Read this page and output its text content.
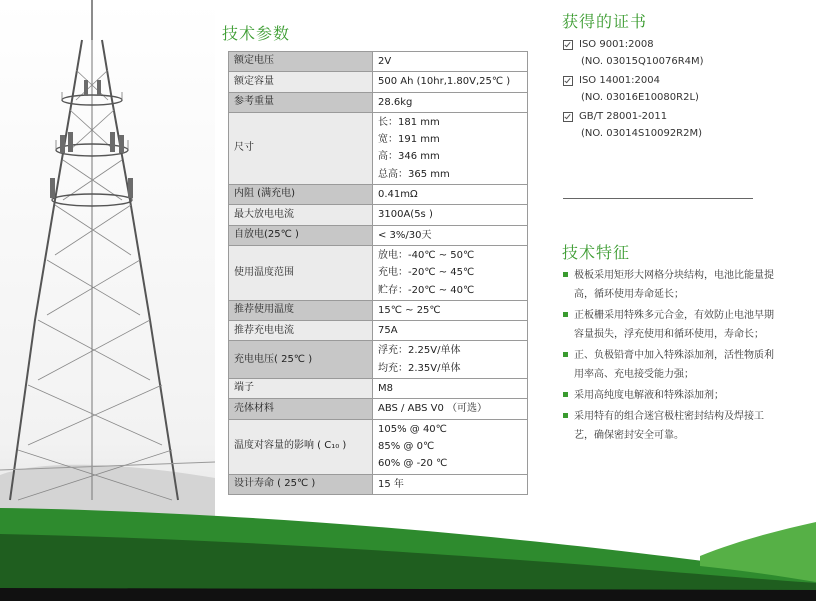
技术参数
额定电压	2V

额定容量	500 Ah (10hr,1.80V,25℃ )

参考重量	28.6kg

尺寸	长：181 mm
宽：191 mm
高：346 mm
总高：365 mm

内阻 (满充电)	0.41mΩ

最大放电电流	3100A(5s )

自放电(25℃ )	< 3%/30天

使用温度范围	放电：-40℃ ~ 50℃
充电：-20℃ ~ 45℃
贮存：-20℃ ~ 40℃

推荐使用温度	15℃ ~ 25℃

推荐充电电流	75A

充电电压( 25℃ )	浮充：2.25V/单体
均充：2.35V/单体

端子	M8

壳体材料	ABS / ABS V0 （可选）

温度对容量的影响 ( C₁₀ )	105% @ 40℃
85% @ 0℃
60% @ -20 ℃

设计寿命 ( 25℃ )	15 年
获得的证书
ISO 9001:2008
(NO. 03015Q10076R4M)
ISO 14001:2004
(NO. 03016E10080R2L)
GB/T 28001-2011
(NO. 03014S10092R2M)
技术特征
极板采用矩形大网格分块结构，电池比能量提高，循环使用寿命延长；
正板栅采用特殊多元合金，有效防止电池早期容量损失，浮充使用和循环使用，寿命长；
正、负极铅膏中加入特殊添加剂，活性物质利用率高、充电接受能力强；
采用高纯度电解液和特殊添加剂；
采用特有的组合迷宫极柱密封结构及焊接工艺，确保密封安全可靠。
